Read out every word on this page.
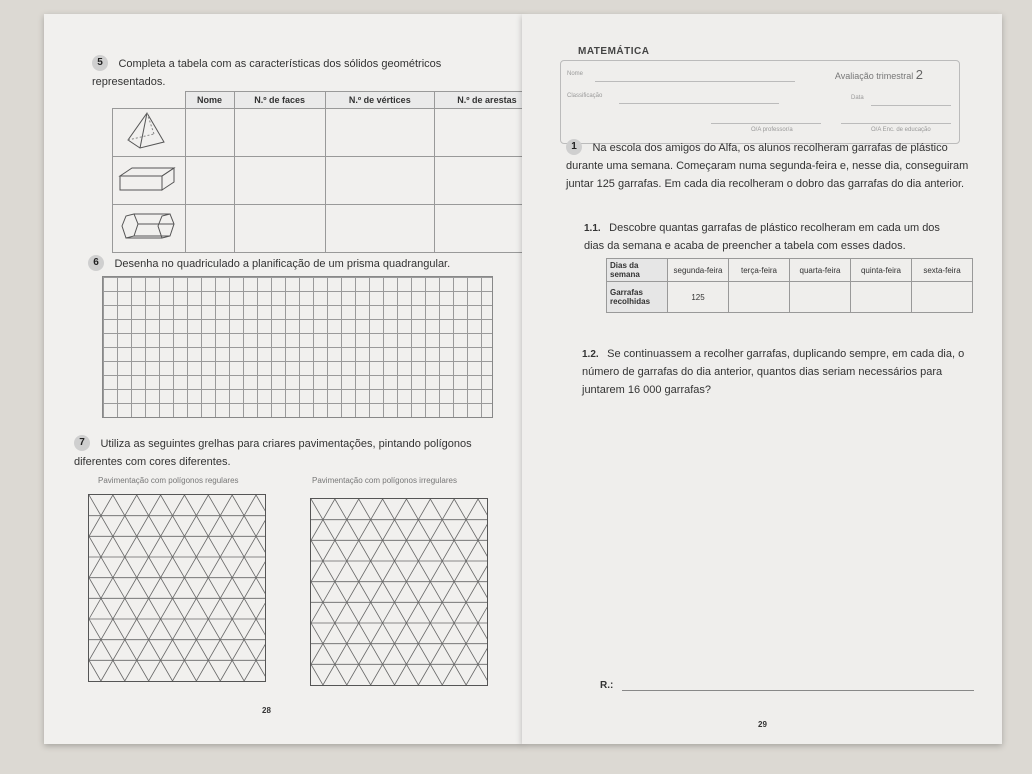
5 Completa a tabela com as características dos sólidos geométricos representados.
	Nome	N.º de faces	N.º de vértices	N.º de arestas

6 Desenha no quadriculado a planificação de um prisma quadrangular.
7 Utiliza as seguintes grelhas para criares pavimentações, pintando polígonos diferentes com cores diferentes.
Pavimentação com polígonos regulares	Pavimentação com polígonos irregulares
28
MATEMÁTICA
Avaliação trimestral 2
Nome
Classificação	Data
O/A professor/a	O/A Enc. de educação
1 Na escola dos amigos do Alfa, os alunos recolheram garrafas de plástico durante uma semana. Começaram numa segunda-feira e, nesse dia, conseguiram juntar 125 garrafas. Em cada dia recolheram o dobro das garrafas do dia anterior.
1.1. Descobre quantas garrafas de plástico recolheram em cada um dos dias da semana e acaba de preencher a tabela com esses dados.
Dias da semana	segunda-feira	terça-feira	quarta-feira	quinta-feira	sexta-feira
Garrafas recolhidas	125				
1.2. Se continuassem a recolher garrafas, duplicando sempre, em cada dia, o número de garrafas do dia anterior, quantos dias seriam necessários para juntarem 16 000 garrafas?
R.:
29
